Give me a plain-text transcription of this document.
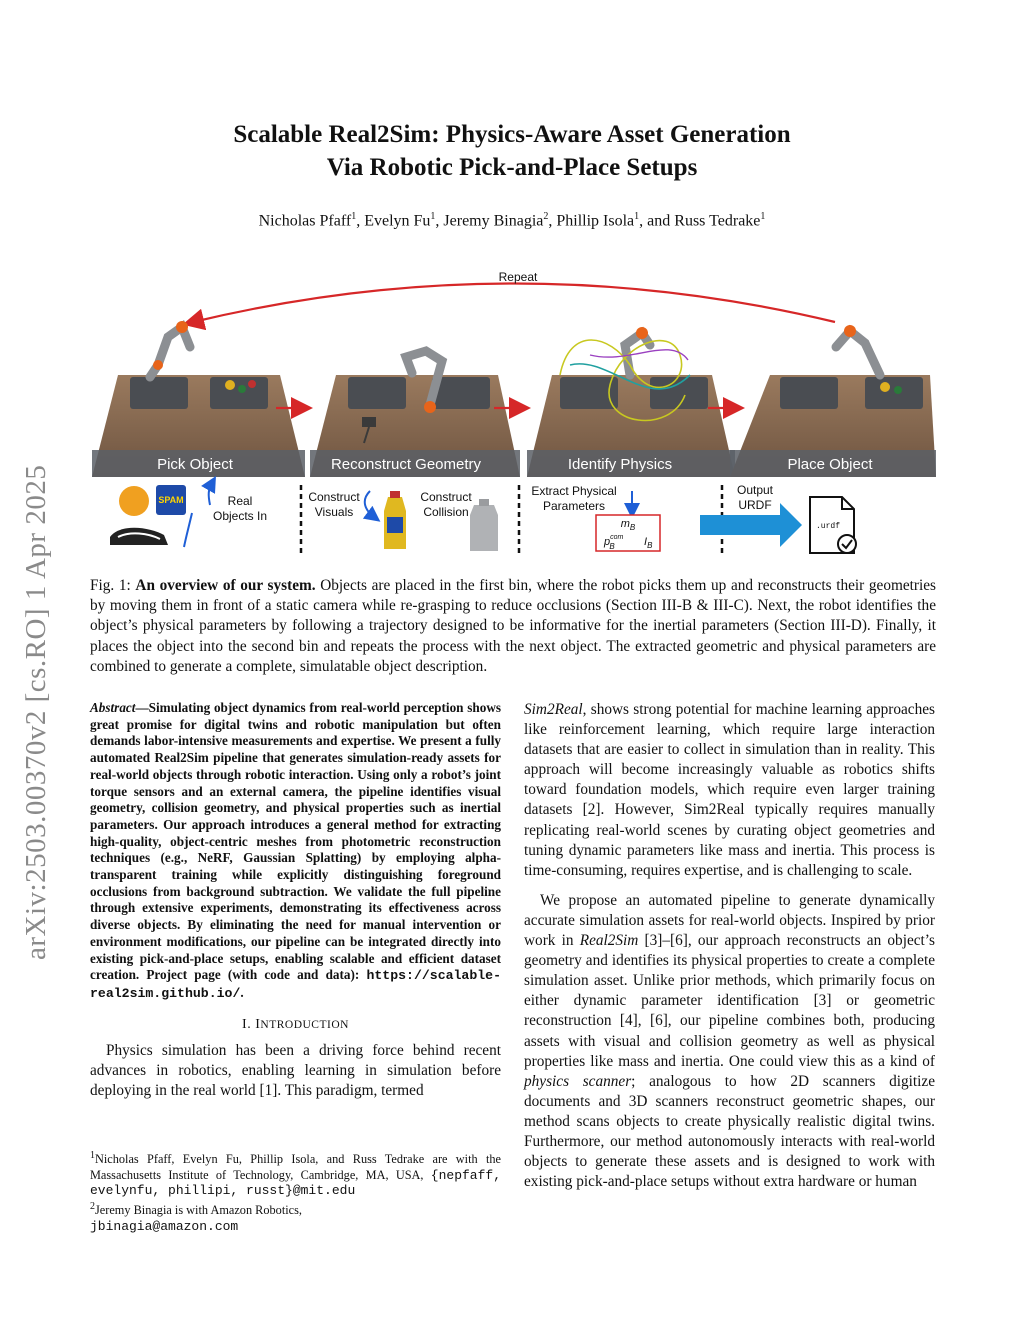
arXiv:2503.00370v2 [cs.RO] 1 Apr 2025
Scalable Real2Sim: Physics-Aware Asset Generation
Via Robotic Pick-and-Place Setups
Nicholas Pfaff$^1$, Evelyn Fu$^1$, Jeremy Binagia$^2$, Phillip Isola$^1$, and Russ Tedrake$^1$
Repeat
Pick Object	Reconstruct Geometry	Identify Physics	Place Object
SPAM	Real
Objects In
Construct
Visuals
Construct
Collision
Extract Physical
Parameters
$m_B$
$p^{com}$ B	$I_B$
Output
URDF
.urdf
Fig. 1: An overview of our system. Objects are placed in the first bin, where the robot picks them up and reconstructs their geometries by moving them in front of a static camera while re-grasping to reduce occlusions (Section III-B & III-C). Next, the robot identifies the object’s physical parameters by following a trajectory designed to be informative for the inertial parameters (Section III-D). Finally, it places the object into the second bin and repeats the process with the next object. The extracted geometric and physical parameters are combined to generate a complete, simulatable object description.

Abstract—Simulating object dynamics from real-world perception shows great promise for digital twins and robotic manipulation but often demands labor-intensive measurements and expertise. We present a fully automated Real2Sim pipeline that generates simulation-ready assets for real-world objects through robotic interaction. Using only a robot’s joint torque sensors and an external camera, the pipeline identifies visual geometry, collision geometry, and physical properties such as inertial parameters. Our approach introduces a general method for extracting high-quality, object-centric meshes from photometric reconstruction techniques (e.g., NeRF, Gaussian Splatting) by employing alpha-transparent training while explicitly distinguishing foreground occlusions from background subtraction. We validate the full pipeline through extensive experiments, demonstrating its effectiveness across diverse objects. By eliminating the need for manual intervention or environment modifications, our pipeline can be integrated directly into existing pick-and-place setups, enabling scalable and efficient dataset creation. Project page (with code and data): https://scalable-real2sim.github.io/.

I. INTRODUCTION

Physics simulation has been a driving force behind recent advances in robotics, enabling learning in simulation before deploying in the real world [1]. This paradigm, termed

$^1$Nicholas Pfaff, Evelyn Fu, Phillip Isola, and Russ Tedrake are with the Massachusetts Institute of Technology, Cambridge, MA, USA, {nepfaff, evelynfu, phillipi, russt}@mit.edu
$^2$Jeremy Binagia is with Amazon Robotics,
jbinagia@amazon.com

Sim2Real, shows strong potential for machine learning approaches like reinforcement learning, which require large interaction datasets that are easier to collect in simulation than in reality. This approach will become increasingly valuable as robotics shifts toward foundation models, which require even larger training datasets [2]. However, Sim2Real typically requires manually replicating real-world scenes by curating object geometries and tuning dynamic parameters like mass and inertia. This process is time-consuming, requires expertise, and is challenging to scale.

We propose an automated pipeline to generate dynamically accurate simulation assets for real-world objects. Inspired by prior work in Real2Sim [3]–[6], our approach reconstructs an object’s geometry and identifies its physical properties to create a complete simulation asset. Unlike prior methods, which primarily focus on either dynamic parameter identification [3] or geometric reconstruction [4], [6], our pipeline combines both, producing assets with visual and collision geometry as well as physical properties like mass and inertia. One could view this as a kind of physics scanner; analogous to how 2D scanners digitize documents and 3D scanners reconstruct geometric shapes, our method scans objects to create physically realistic digital twins. Furthermore, our method autonomously interacts with real-world objects to generate these assets and is designed to work with existing pick-and-place setups without extra hardware or human
